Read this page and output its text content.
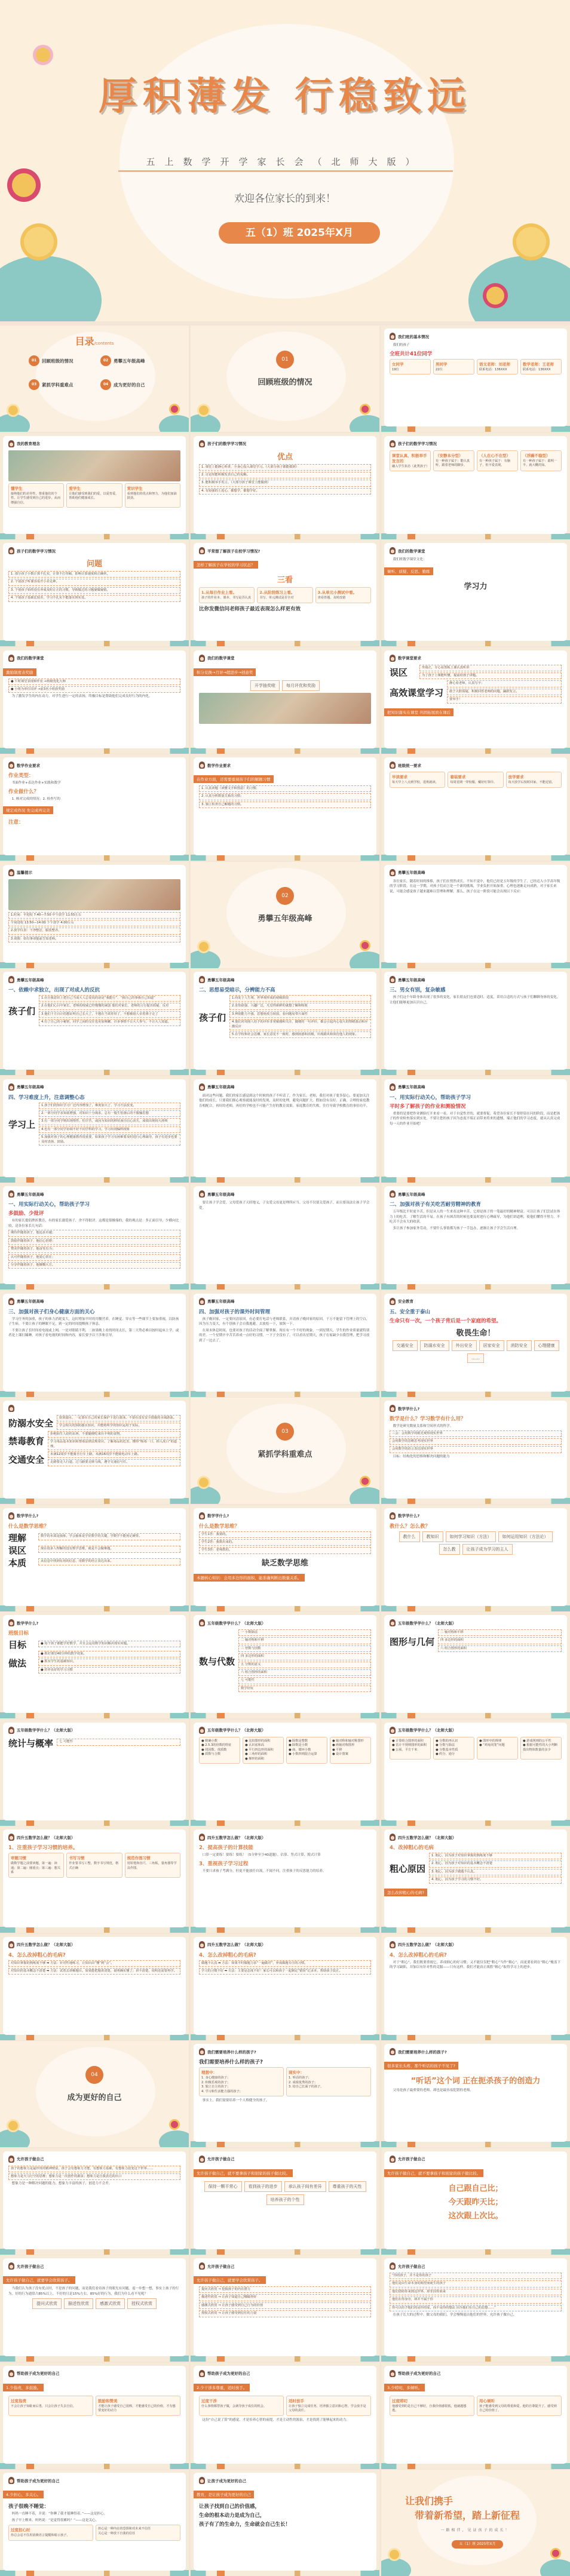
厚积薄发 行稳致远
五上数学开学家长会（北师大版）
欢迎各位家长的到来！
五（1）班 2025年X月
目录/contents
01	回顾班级的情况	02	勇攀五年级高峰
03	紧抓学科重难点	04	成为更好的自己
01
回顾班级的情况
我们班的基本情况
我们的孩子
全班共计41位同学
女同学
19位
男同学
22位
语文老师：刘老师
联系电话：136XXX
数学老师：王老师
联系电话：136XXX
我的教育理念
懂学生
接纳他们的差异性，尊重他们的个性，让学生感受到自己的进步，从而增强自信。
爱学生
让他们感受到我们的爱，以爱育爱，帮助他们健康成长。
赏识学生
看到他们的优点和努力，为他们加油鼓劲。
孩子们的数学学习情况
优点
1. 课堂上能静心听讲，全身心投入课堂学习。（大部分孩子都能做到）
2. 讨论时能积极发表自己的见解。
3. 能积极举手发言。（大部分孩子课堂上能做到）
4. 有较强的上进心，都想学，都想学好。
孩子们的数学学习情况
课堂认真、积极举手发言的
融入学生状态（此类孩子）
（安静本分型）
有一种孩子属于：能认真听，跟着老师的脚步。
（人在心不在型）
有一种孩子属于：有脑子，但不爱表现。
（浮躁不稳型）
有一种孩子属于：聪明一半，就大概的知。
孩子们的数学学习情况
问题
1. 部分孩子小数计算不扎实，计算不打草稿，影响计算速度和正确率。
2. 个别孩子听课容易开小差走神。
3. 个别孩子始终没有养成及时订正的习惯，导致做过的习题屡做屡错。
4. 个别孩子基础比较差，学习不扎实不能落实到实处。
平常想了解孩子在校学习情况?
怎样了解孩子在学校的学习状态？
三看
1.从每日作业上看。
孩子的作业本、课本、书写是否认真
2.从阶段练习上看。
书写、单元测试是否全对
3.从单元小测试中看。
查看答题、及时改错
比你发微信问老师孩子最近表现怎么样更有效
我们的数学课堂
我们班数学课堂文化：
倾听、质疑、反思、勤练
学习力
我们的数学课堂
激励制度表奖励
● 平时课堂表现和作业 →班级优化大师
● 小组为单位周评 →前3名小组获奖励
为了激发学生的内在动力，对学生进行一定的表扬，终极目标是帮助他们完成良好行为的内化。
我们的数学课堂
积分兑换→月评→超进步→创意奖
开学抽奖啦	每月评优和奖励
数学课堂要求
误区	坐端正，专心看黑板上课认真听讲
为了孩子上课能听懂，提前给孩子讲题。
高效课堂学习
静心看老师，认真写字；
敢于大胆质疑，积极回答老师的问题，踊跃发言。
要举手！
把知识落实在课堂 巩固拓展放在课后
数学作业要求
作业类型：
书面作业+表达作业+实践和数学
作业做什么？
1. 核对完成的情况；2. 检查写的
规定成作况 先完成再完美
注意：
数学作业要求
在作业方面，还需要重视孩子们的解题习惯
1. 认真读题（读懂文字和图意）的习惯；
2. 认真分析数量关系的习惯；
3. 独立检查自己解题的习惯。
班级统一要求
早读要求
每天早上八点到学校，进班就读。
着装要求
每周星期一穿校服，戴好红领巾。
放学要求
每天放学后按时回家，不能逗留。
温馨提示
1.时间：早进校 7:40—7:50 中午放学 11:55左右
午间进校 13:50—14:00 下午放学 4:00左右
2.放学仪表：干净整洁，服装整齐。
3.请假：如有事请提前告知老师。
02
勇攀五年级高峰
勇攀五年级高峰
各位家长，随着时间的推移，孩子们在悄然成长，不知不觉中，他们已经是五年级的学生了，已经迈入小学高年级的学习阶段。在这一学期，对孩子们而言是一个新的挑战，学业负担开始加重，心理也逐渐走向成熟。对于家长来说，可能会感觉孩子越来越难以管理和理解。那么，孩子在这一阶段可能会出现以下反应：
勇攀五年级高峰
一、依赖中求独立，出现了对成人的反抗
孩子们
1.在自我意识上把自己当成大人总爱说的话是“我能行”、“我自己的事我自己知道”
2.在他们心目中家长、老师的权威已经慢慢的减弱 他们对家长、老师的言行提出质疑、反对
3.他们千方百计的想证明自己长大了，不想在当乖娃娃了，不想被别人牵着鼻子走了
4.有了自己的小秘密，同学之间的交往也更加频繁，许多事情不让大人参与，不让大人知道。
勇攀五年级高峰
二、思想易受暗示，分辨能力不高
孩子们
1.尚处于人生观、世界观形成的初级阶段
2.求知欲强，兴趣广泛，凡觉得新鲜的就想了解和吸收
3.辨别能力不强，思想免疫力较弱，看问题易带片面性
4.他们对周围人给予的评价非常敏感和关注，随便的一句评价，都会引起内心很大的情绪波动和应激反应
5.在学校和社会思潮、家长意见不一致时，感到困惑和消极，出现跟风和效仿他人的现象。
勇攀五年级高峰
三、男女有别，复杂敏感
孩子们这个年龄身体出现了很多的变化，家长朋友们也要适时、适度，采用合适的方式与孩子们聊聊身体的变化，让他们能够更加认识自己。
勇攀五年级高峰
四、学习难度上升，注意调整心态
学习上
1.孩子们的知识学习广泛内容增加了，难度加大了，学习方法改变。
2.一部分同学求知欲增强，对知识十分渴求，总有一股生怕落后的不服输思想
3.有一部分同学则出现惰性，怕辛苦，或因为知识的移状而自信心丧失，成绩出现较大滑坡
4.也有一部分同学协调不好不同学科的学习，学习出现偏科现象
5.加强对孩子的心理健康教育很重要，如果孩子学习有困难要及时进行心理疏导，孩子有进步也要及时表扬、鼓励。
勇攀五年级高峰
面对这些问题，我们的家长感觉到这个时候的孩子不听话了，作为家长、老师，我们对孩子要多留心，要更加关注他们的成长。只要我们细心观察就能及时的发现，及时的处理，避免问题扩大。假如没有良好、正确、合理的家庭教育相配合，再好的老师，再好的学校也不可能产生好的教育效果。家庭教育的失败，往往导致学校教育的事倍功半。
勇攀五年级高峰
一、用实际行动关心，帮助孩子学习
平时多了解孩子的作业和测验情况
重要的是要把作业测验打开来看一看。对于自觉性差的，就要督促。希望各位家长不要停留在问的阶段，而是把孩子的作业检查落实到实处。不要让您的孩子因为态度不端正而带来将来的遗憾，端正他们的学习态度，就从认真完成每一天的作业开始吧！
勇攀五年级高峰
一、用实际行动关心，帮助孩子学习
多鼓励、少批评
有的家长提倡挫折教育，有的家长溺爱孩子，舍不得批评。这都是很极端的，我的观点是：多正面引导，少横向比较，送各位家长几句话：
期待伴随着孩子，他追求卓越；
鼓励伴随着孩子，他信心倍增；
赞美伴随着孩子，他奋发有为；
认可伴随着孩子，他爱心常在；
分享伴随着孩子，他慷慨大方。
勇攀五年级高峰
要让孩子学会爱。父母爱孩子天经地义，子女爱父母更是理所应当。父母不仅要关爱孩子，而且要设法让孩子学会爱。
勇攀五年级高峰
二、加强对孩子有关吃苦耐劳精神的教育
五年级比平时更辛苦。但是从人的一生来看这种辛苦，它却是孩子的一笔最好的精神财富。可以让孩子们尝试在体力上的吃苦，了解生活的不易。在孩子有困苦的时候也要及时进行心理疏导，为他们讲道理，使他们懂得不努力，不吃苦不会有大的收获。
多让孩子参加家务劳动，不要什么事情都为孩子一手包办，逐渐让孩子学会生活自理。
勇攀五年级高峰
三、加强对孩子们身心健康方面的关心
学习任务的加重，孩子的体力消耗变大，这时增加平时的用餐营养，在睡觉、穿衣等一些细节上要加重视，以防孩子生病。不要让孩子的睡眠不足，到一定的时间提醒孩子休息。
不要让孩子长时间看电视或上网，一是对眼睛不利，二如果晚上看的时间太长，第二天势必难以按时起床上学，或者是上课打瞌睡。对孩子看电视的时间和内容，家长要予以干涉和引导。
勇攀五年级高峰
四、加强对孩子的课外时间管理
孩子晚回家，一定要问清原因，有必要打电话与老师联系，弄清孩子晚回家的原因。千万不能留下管理上的空白，因为压力变大，有个别孩子会自我逃避，去放松一下，放纵一下。
在周末休息时间，也要对孩子的活动全面了解掌握。现在有一个不好的现象，一到星期天，学生的作业质量就特别的差。一个星期辛辛苦苦养成一点好的习惯，一下子全没有了。可以看出星期天，孩子在家缺少自我管理，把学习放到了一边去了。
安全教育
五、安全重于泰山
生命只有一次，一个孩子背后是一个家庭的希望。
敬畏生命！
交通安全	防溺水安全	外出安全	居家安全	消防安全	心理健康
……
防溺水安全	如果溺水，一定要在自己的家长保护下进行游泳，不要在没有安全措施的水域游泳。
学会相关的预防溺水知识，并能将所学的知识运用于实际。
禁毒教育
拒绝陌生人给的东西，不要随便吃来历不明的食物。
学习毒品基本知识和禁毒法律法规常识，了解毒品的危害，懂得“吸毒一口，掉入虎口”的道理。
交通安全	未满12周岁不能骑自行车上路，未满16周岁不能骑电动车上路。
走路要走人行道，过马路要走斑马线，遵守交通信号灯。
03
紧抓学科重难点
数学学什么?
数学是什么？学习数学有什么用？
数学是研究数量关系和空间形式的科学。
三会：会用数学的眼光观察现实世界
会用数学的思维思考现实世界
会用数学的语言表达现实世界
目标：结构化的思维和解决问题的能力
数学学什么?
什么是数学思维？
理解	数学的本质是抽象，学会抽象是学好数学的关键，学数学不能死记硬背。
误区	现在很多人理解的没有数学思维，就是不会做难题。
本质	从信息中找到有用的信息，用数学的语言表达出来。
数学学什么?
什么是数学思维？
学生1答：我猜的。
学生2答：我数出来的。
学生3答：老师教的。
缺乏数学思维
本题核心知识：会用多边形的面积，能准确判断出数量关系。
数学学什么?
教什么？怎么教？
教什么	教知识	如何学习知识（方法）	如何运用知识（方法论）
怎么教	让孩子成为学习的主人
数学学什么?
班级目标
目标	● 每个孩子都能学好数学，并且会运用数学知识解决现实问题。
做法
● 抓好课堂40分钟的教学效果。
● 抓实学生的基础知识。
● 培养良好的学习习惯
五年级数学学什么？（北师大版）
数与代数
一 小数除法
二 轴对称和平移
三 倍数与因数
四 多边形的面积
五 分数的意义
六 组合图形的面积
七 可能性
数学好玩
五年级数学学什么？（北师大版）
图形与几何
二 轴对称和平移
四 多边形的面积
六 组合图形的面积
五年级数学学什么？（北师大版）
统计与概率	七 可能性
五年级数学学什么？（北师大版）
● 精确小数
● 2.5.3的倍数的特征
● 找因数、找质数
● 质数与合数
● 比较图形的面积
● 认识底和高
● 平行四边形的面积
● 三角形的面积
● 梯形的面积
● 除数是整数
● 除数是小数
● 商、循环小数
● 小数四则混合运算
● 轴对称和轴对称图形
● 画轴对称图形
● 平移
● 设计图案
五年级数学学什么？（北师大版）
● 计算组合图形的面积
● 估计不规则图形的面积
● 公顷、平方千米
● 分数的再认识
● 分数与除法
● 分数基本性质
● 约分、通分
● 图形中的规律
● “鸡兔同笼”问题
● 游戏规则的公平性
● 根据可能性的大小判断摸出物体数量的多少
四升五数学怎么做？（北师大版）
1、注重孩子学习习惯的培养。
审题习惯
做数学题之前要读题，第一遍：读通；第二遍：圈重点；第三遍：想关系
书写习惯
作业要书写工整，数字书写规范，格式正确
规范作图习惯
用铅笔和直尺、三角板，量角器等学具作图。
四升五数学怎么做？（北师大版）
2、提高孩子的计算技能
口算一定要练！要练！要练！（5分钟至少40道题），估算、竖式计算、脱式计算
3、重视孩子学习过程
不要只求孩子考满分，但更不能放任自流，不闻不问。注重孩子的反思能力的培养。
四升五数学怎么做？（北师大版）
4、改掉粗心的毛病
粗心原因
1. 粗心，因为孩子对知识掌握的熟练度不够
2. 粗心，因为孩子对知识的基本概念不清楚
3. 粗心，因为孩子做题不认真。
4. 粗心，因为孩子学习的习惯不好。
怎么改掉粗心的毛病?
四升五数学怎么做？（北师大版）
4、怎么改掉粗心的毛病?
对知识掌握的熟练度不够 ➡ 方法：针对性地练习，让知识由“懂”到“会”。
对知识的基本概念不清楚 ➡ 方法：试着去讲解题目。如果能把题讲清楚，说明确实懂了；讲不清楚，说明还需要再学。
四升五数学怎么做？（北师大版）
4、怎么改掉粗心的毛病?
做题不认真 ➡ 方法：如果平时做题力求“一遍做对”，养成做题专注的习惯。
学习的习惯不好 ➡ 方法：主要是态度不好！家长可以和孩子一起制定“错误”记录本，帮助孩子改正。
四升五数学怎么做？（北师大版）
4、怎么改掉粗心的毛病?
对于“粗心”，我们既要重视它，养成细心的好习惯；又不能仅仅把“粗心”当作“粗心”，而更要看到在“粗心”掩盖下的学习缺陷，并加以有针对性的克服——只有这样，我们才能真正战胜“粗心”取得学习上的进步。
04
成为更好的自己
我们需要培养什么样的孩子?
我们需要培养什么样的孩子?
理想中：
1. 身心健康的孩子；
2. 积极乐观的孩子；
3. 独立自主的孩子；
4. 学习和生活能力强的孩子；
现实中：
1. 听话的孩子；
2. 成绩优秀的孩子；
3. 给自己长面子的孩子。
事实上，我们需要培养一个人格健全的孩子。
我们需要培养什么样的孩子?
很多家长头疼，那个听话的孩子不见了?
“听话”这个词 正在扼杀孩子的创造力
父母是孩子最重要的老师，却也是最容易犯错的老师。
允许孩子做自己
孩子的想象力是最珍贵的精神财富，孩子会有想象力才能，有想象力基础，有想象力改变这个世界……
想象力是天马行空的思维；想象力是一次创作的源泉；想象力是自我表达的出口
想象力是一种解决问题的能力，想象力丰富的孩子，创造力不会差。
允许孩子做自己
允许孩子做自己，就不要拿孩子和别家的孩子做比较。
保持一颗平常心	看到孩子的进步	承认孩子间有差异	尊重孩子的天性
培养孩子的个性
允许孩子做自己
允许孩子做自己，就不要拿孩子和别家的孩子做比较。
自己跟自己比；
今天跟昨天比；
这次跟上次比。
允许孩子做自己
允许孩子做自己，就要学会欣赏孩子。
当我们认为孩子没有优点时，不是孩子的问题，而是我们看待孩子的眼光有问题。退一步想一想，事实上孩子的行为，好的行为通常占85%以上，不好的只是15%左右，85%好的行为，我们为什么看不见呢？
提问式欣赏	描述性欣赏	感激式欣赏	授权式欣赏
允许孩子做自己
允许孩子做自己，就要学会欣赏孩子。
提问式欣赏 ⇒ 挖掘孩子的内在潜力
描述性欣赏 ⇒ 让孩子知道自己哪做得好
感激式欣赏 ⇒ 让孩子感受到自己行为的价值
授权式欣赏 ⇒ 让孩子感受到信任的力量
允许孩子做自己
“你的孩子，并不是你的孩子
他们是由生命本身的渴望而诞生的孩子
他们借助你来到这世界，却非因你而来
他们在你身旁，却并不属于你
你可以给予他们的是你的爱，而不是你的想法 因为他们有自己的思想……”
在孩子长大的过程中，做父母的我们，学会慢慢退出他们的世界，允许孩子做自己。
帮助孩子成为更好的自己
1.少指责，多鼓励。
过度指责
不会让孩子知耻而后勇，只会让孩子失去自信。
鼓励和赞美
才能让孩子感受自己很棒，才能感受自己的价值，才有想要变好的动力
帮助孩子成为更好的自己
2.少干涉多尊重，适时放手。
过度干涉
什么事情都替孩子做，会剥夺孩子成长的机会。
适时放手
让孩子独立完成任务，培养独立意识和心智，学会放手是父母的责任。
这份“自己说了算”的感觉，才是培养心智的前提，才是主动性的源泉，才是找到了能够起来的动力。
帮助孩子成为更好的自己
3.少唠叨，多倾听。
过度唠叨
他感受到的是自己不够好，自我价值感很低，他就越想逃。
用心倾听
孩子能感受到父母的尊重和爱，他的自尊提升了，感受到自己的价值了。
帮助孩子成为更好的自己
4.少担心，多关心。
孩子很晚不睡觉：
妈妈一直睡不着，并说：“你睡了我才能睡得着。”——这是担心。
孩子早上醒来，妈妈说：“是觉得很累吗？”——这是关心。
过度担心时
你总会忍不住用消极语言提醒和暗示孩子。
担心是一种内在的恐惧和对未来不信任
关心是一种放下自我的信任
让孩子成为更好的自己
教育，是让孩子成为更好的自己
让孩子找到自己的价值感，
生命的根本动力是成为自己，
孩子有了的生命力，生命就会自己生长！
让我们携手
带着新希望，踏上新征程
一路相伴，见证孩子的成长！
五（1）班 2025年X月
